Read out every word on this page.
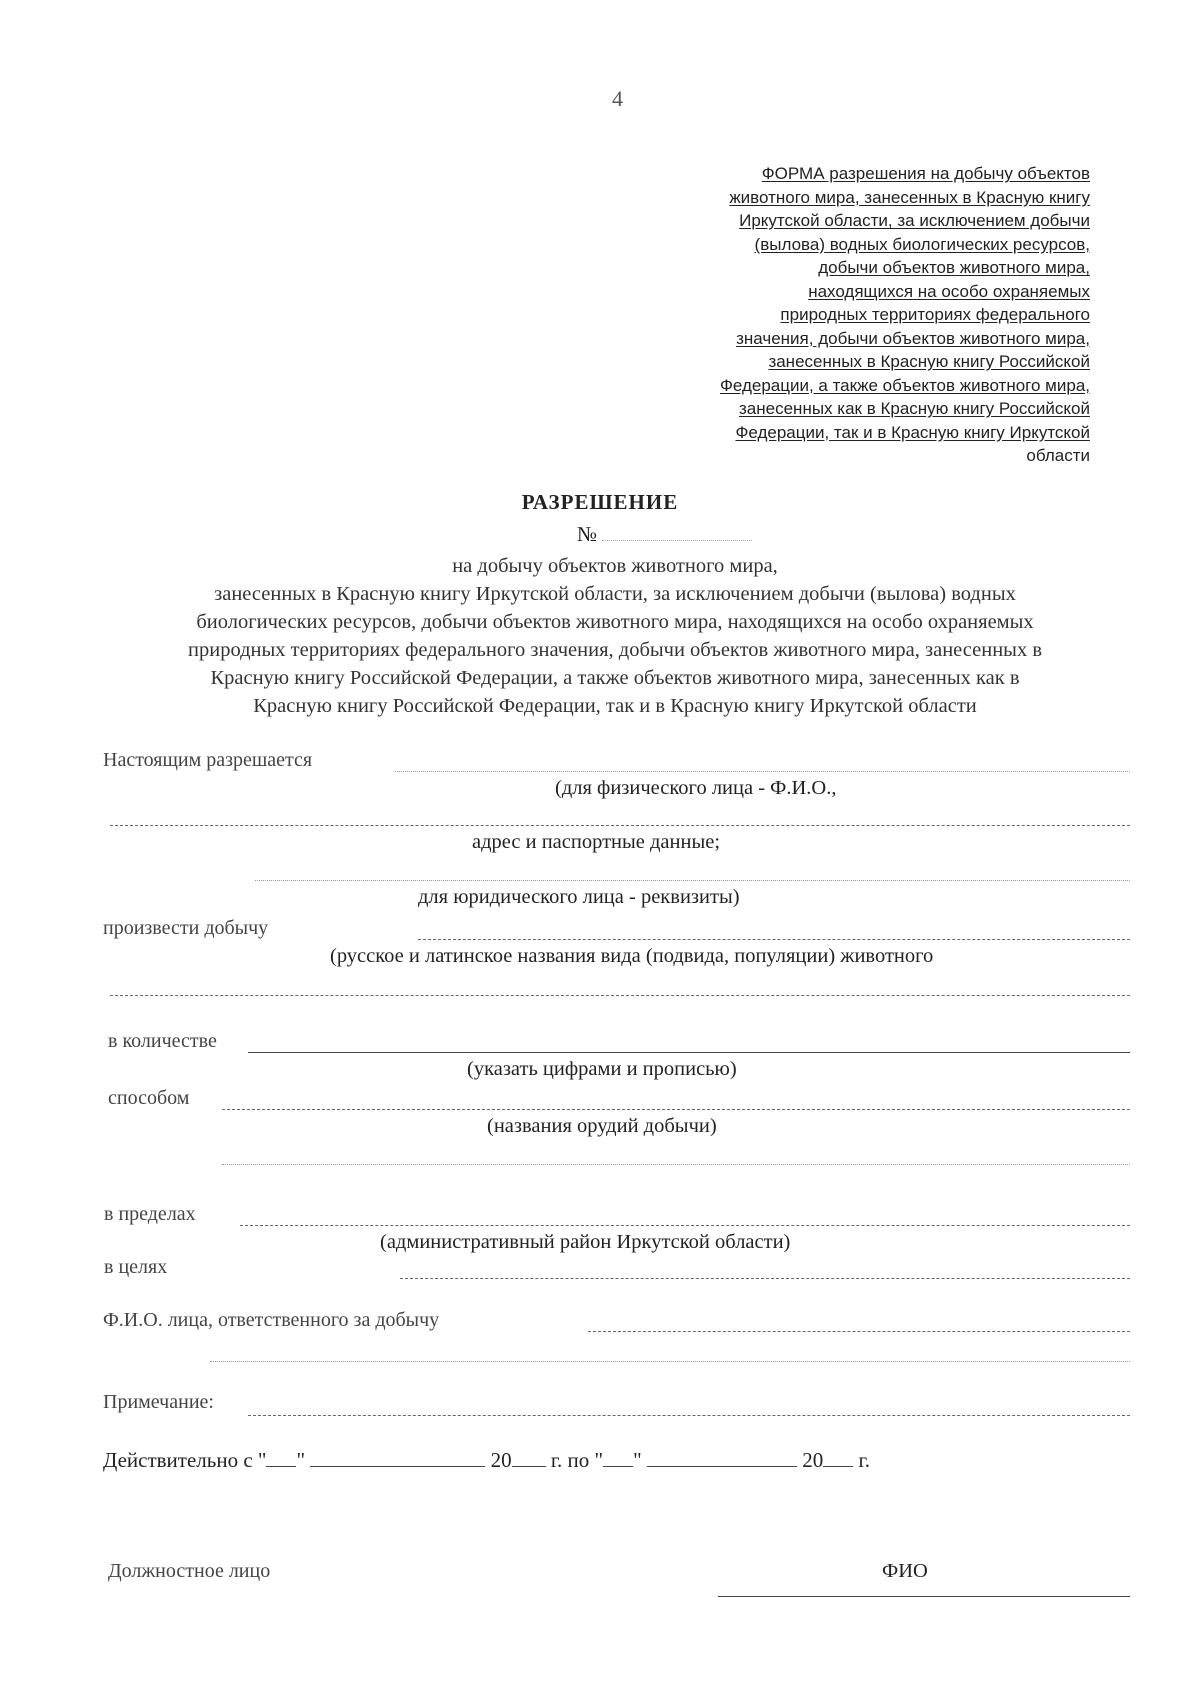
4
ФОРМА разрешения на добычу объектов
животного мира, занесенных в Красную книгу
Иркутской области, за исключением добычи
(вылова) водных биологических ресурсов,
добычи объектов животного мира,
находящихся на особо охраняемых
природных территориях федерального
значения, добычи объектов животного мира,
занесенных в Красную книгу Российской
Федерации, а также объектов животного мира,
занесенных как в Красную книгу Российской
Федерации, так и в Красную книгу Иркутской
области
РАЗРЕШЕНИЕ
№
на добычу объектов животного мира,
занесенных в Красную книгу Иркутской области, за исключением добычи (вылова) водных
биологических ресурсов, добычи объектов животного мира, находящихся на особо охраняемых
природных территориях федерального значения, добычи объектов животного мира, занесенных в
Красную книгу Российской Федерации, а также объектов животного мира, занесенных как в
Красную книгу Российской Федерации, так и в Красную книгу Иркутской области
Настоящим разрешается
(для физического лица - Ф.И.О.,
адрес и паспортные данные;
для юридического лица - реквизиты)
произвести добычу
(русское и латинское названия вида (подвида, популяции) животного
в количестве
(указать цифрами и прописью)
способом
(названия орудий добычи)
в пределах
(административный район Иркутской области)
в целях
Ф.И.О. лица, ответственного за добычу
Примечание:
Действительно с " "	20 г. по " "	20 г.
Должностное лицо	ФИО
